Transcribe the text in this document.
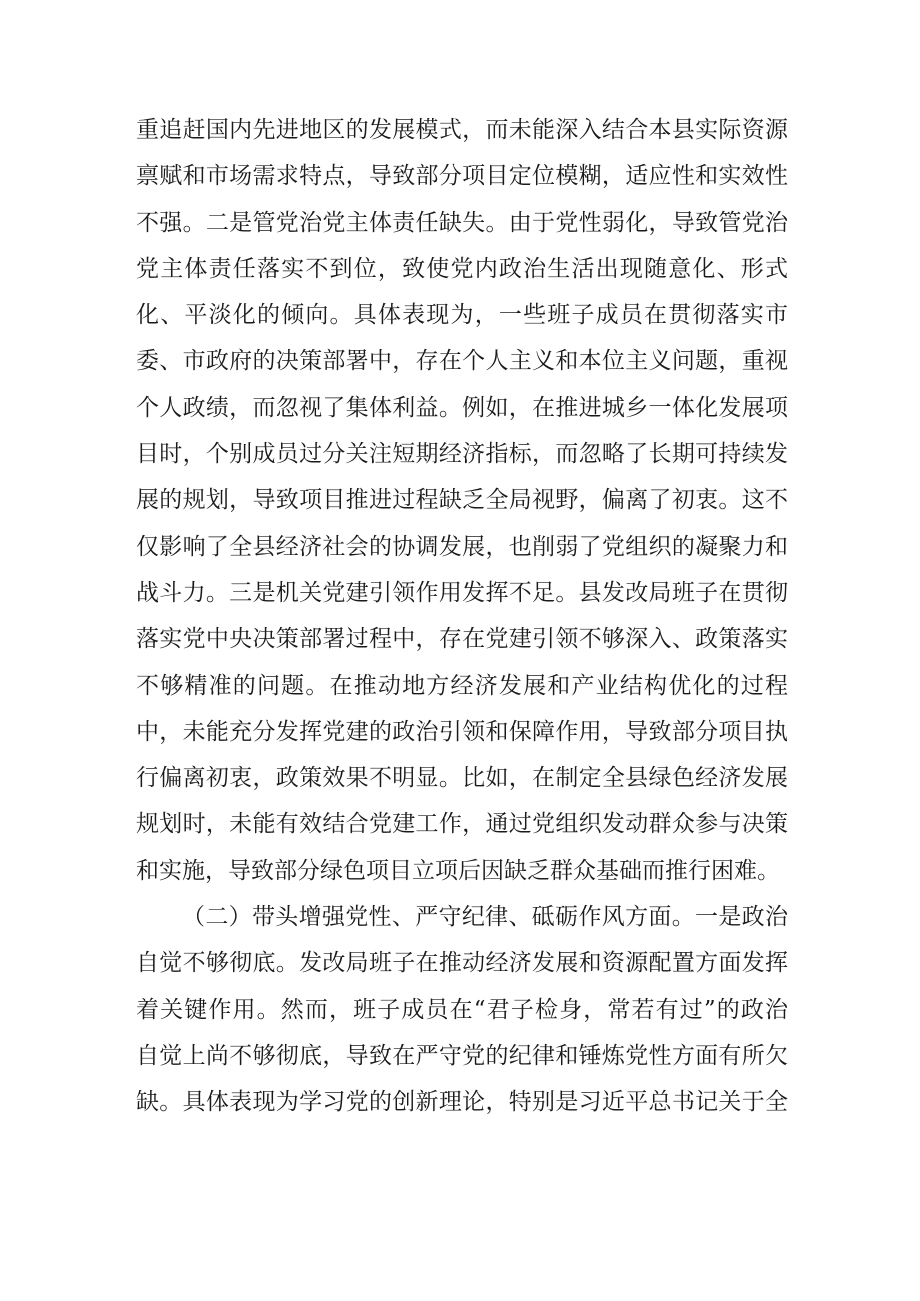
重追赶国内先进地区的发展模式，而未能深入结合本县实际资源
禀赋和市场需求特点，导致部分项目定位模糊，适应性和实效性
不强。二是管党治党主体责任缺失。由于党性弱化，导致管党治
党主体责任落实不到位，致使党内政治生活出现随意化、形式
化、平淡化的倾向。具体表现为，一些班子成员在贯彻落实市
委、市政府的决策部署中，存在个人主义和本位主义问题，重视
个人政绩，而忽视了集体利益。例如，在推进城乡一体化发展项
目时，个别成员过分关注短期经济指标，而忽略了长期可持续发
展的规划，导致项目推进过程缺乏全局视野，偏离了初衷。这不
仅影响了全县经济社会的协调发展，也削弱了党组织的凝聚力和
战斗力。三是机关党建引领作用发挥不足。县发改局班子在贯彻
落实党中央决策部署过程中，存在党建引领不够深入、政策落实
不够精准的问题。在推动地方经济发展和产业结构优化的过程
中，未能充分发挥党建的政治引领和保障作用，导致部分项目执
行偏离初衷，政策效果不明显。比如，在制定全县绿色经济发展
规划时，未能有效结合党建工作，通过党组织发动群众参与决策
和实施，导致部分绿色项目立项后因缺乏群众基础而推行困难。
（二）带头增强党性、严守纪律、砥砺作风方面。一是政治
自觉不够彻底。发改局班子在推动经济发展和资源配置方面发挥
着关键作用。然而，班子成员在“君子检身，常若有过”的政治
自觉上尚不够彻底，导致在严守党的纪律和锤炼党性方面有所欠
缺。具体表现为学习党的创新理论，特别是习近平总书记关于全
